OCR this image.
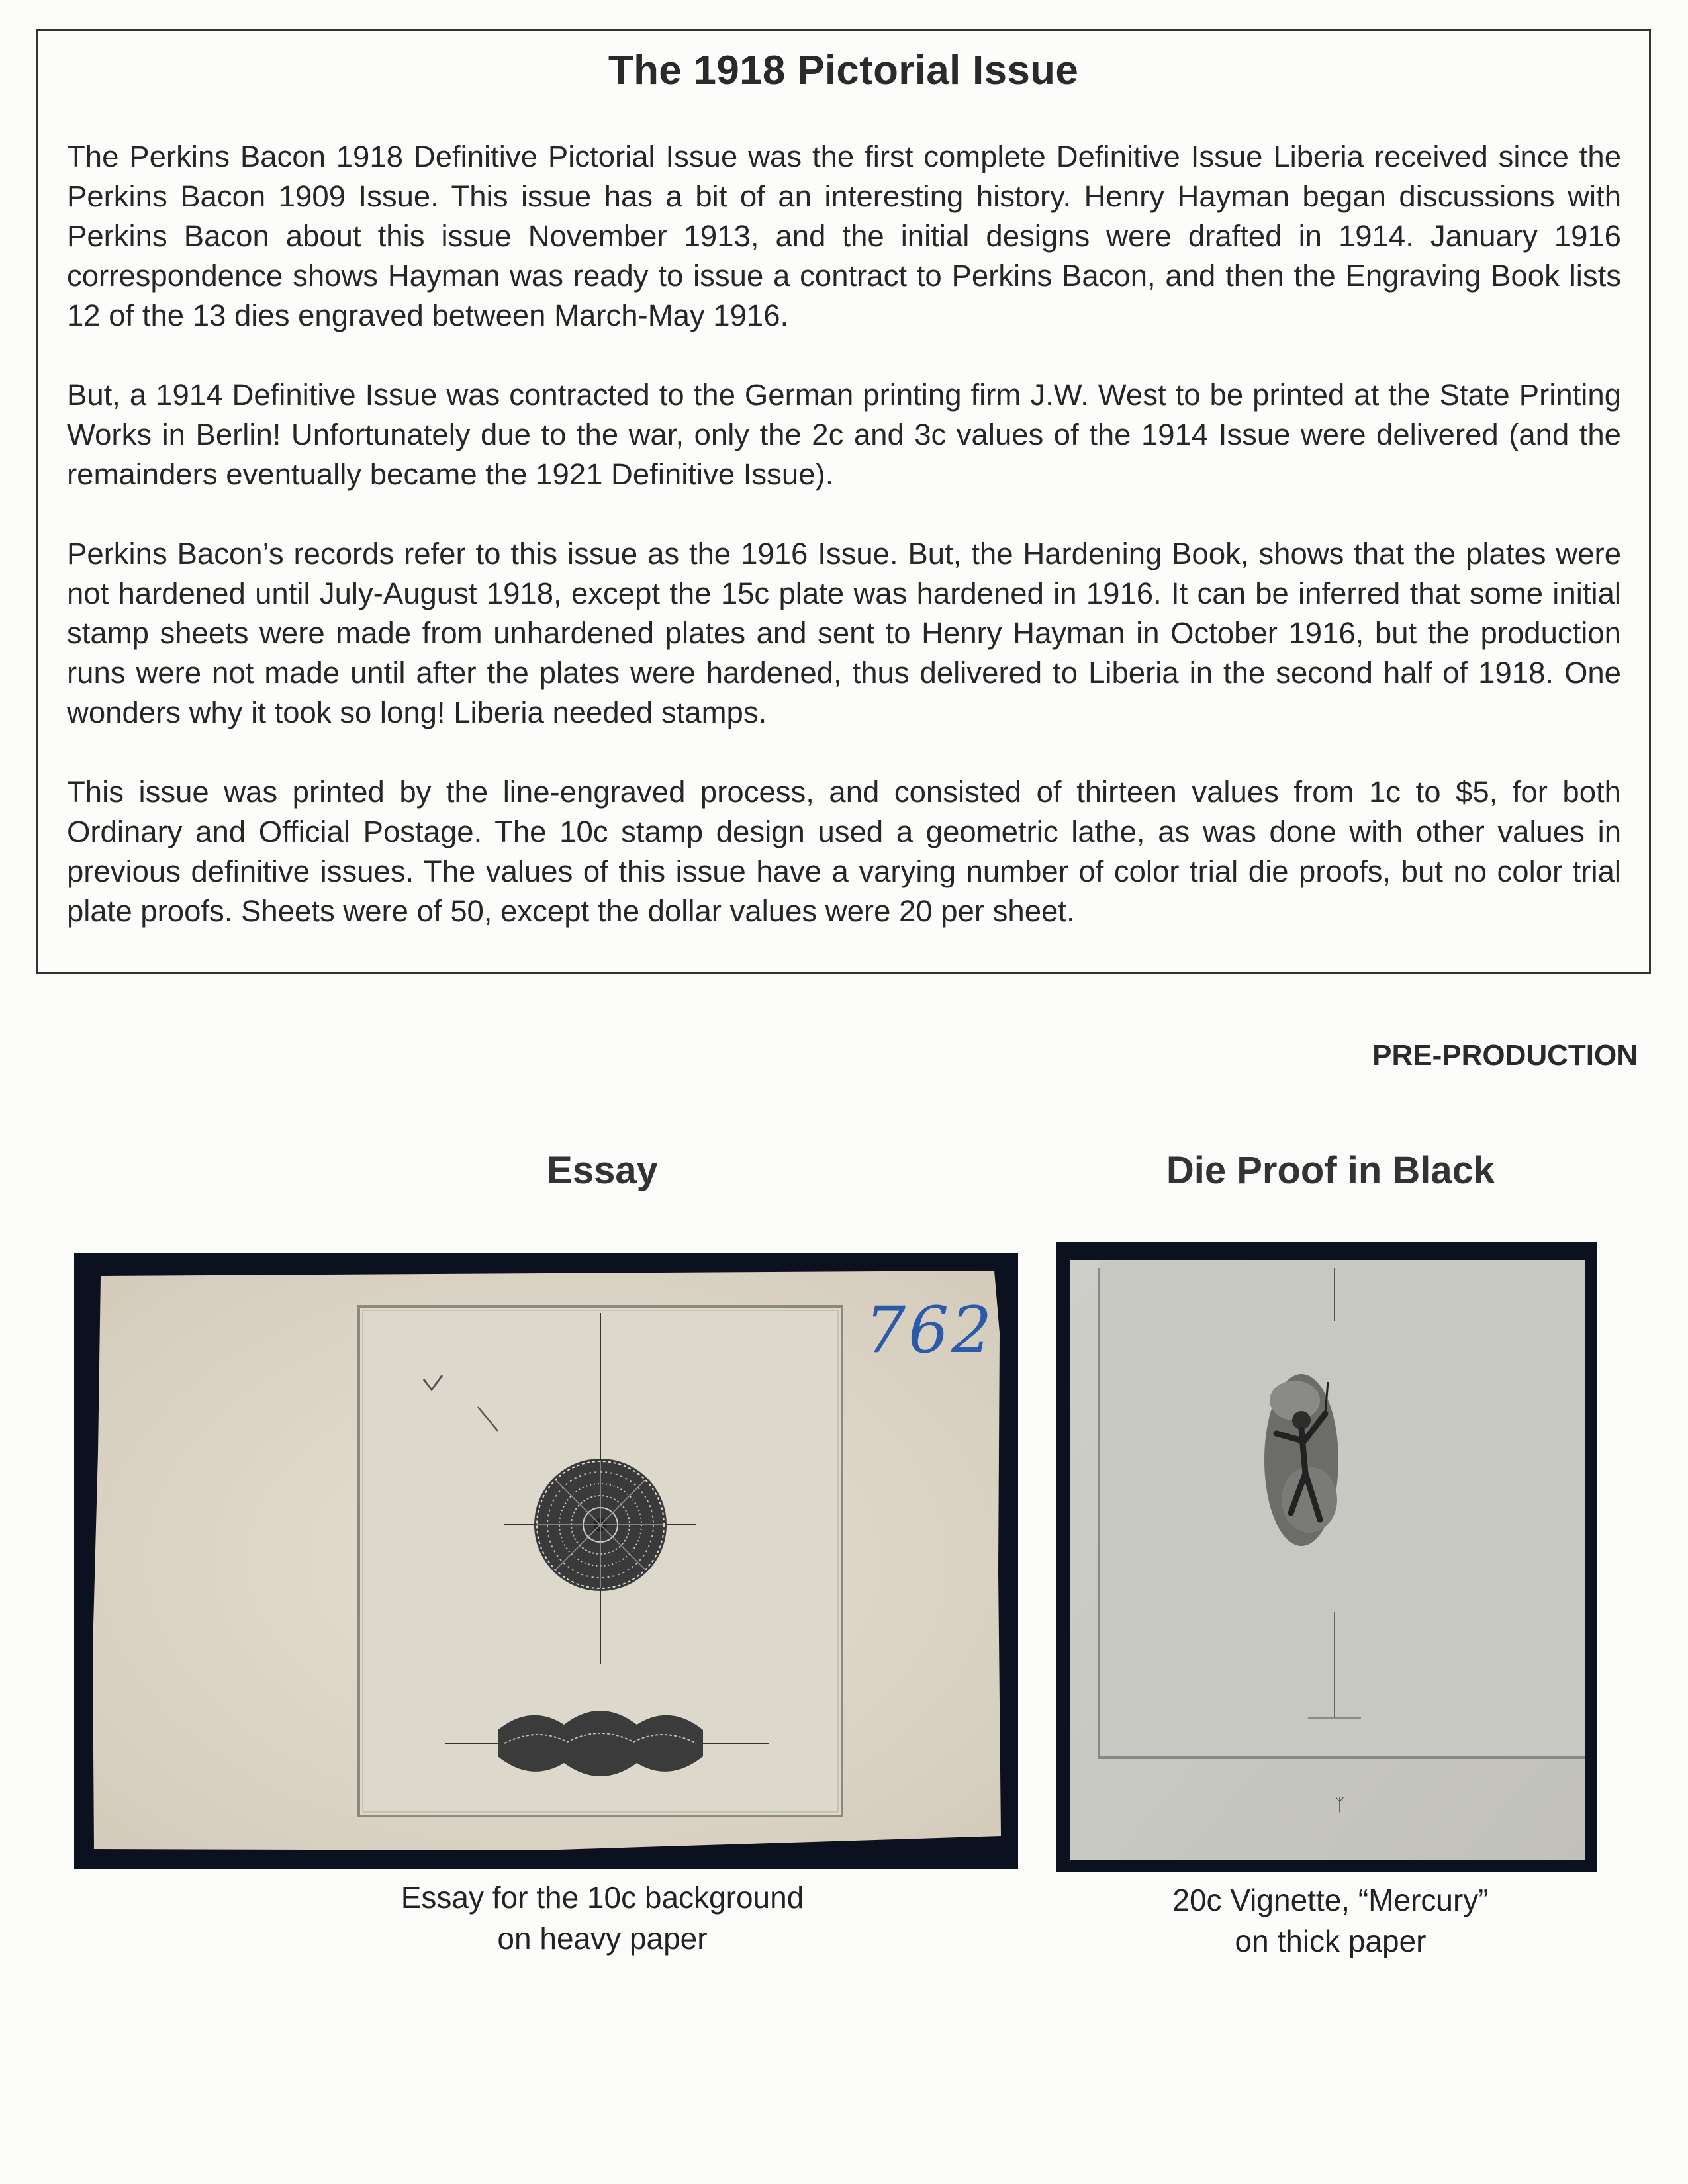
The 1918 Pictorial Issue

The Perkins Bacon 1918 Definitive Pictorial Issue was the first complete Definitive Issue Liberia received since the Perkins Bacon 1909 Issue. This issue has a bit of an interesting history. Henry Hayman began discussions with Perkins Bacon about this issue November 1913, and the initial designs were drafted in 1914. January 1916 correspondence shows Hayman was ready to issue a contract to Perkins Bacon, and then the Engraving Book lists 12 of the 13 dies engraved between March-May 1916.

But, a 1914 Definitive Issue was contracted to the German printing firm J.W. West to be printed at the State Printing Works in Berlin! Unfortunately due to the war, only the 2c and 3c values of the 1914 Issue were delivered (and the remainders eventually became the 1921 Definitive Issue).

Perkins Bacon’s records refer to this issue as the 1916 Issue. But, the Hardening Book, shows that the plates were not hardened until July-August 1918, except the 15c plate was hardened in 1916. It can be inferred that some initial stamp sheets were made from unhardened plates and sent to Henry Hayman in October 1916, but the production runs were not made until after the plates were hardened, thus delivered to Liberia in the second half of 1918. One wonders why it took so long! Liberia needed stamps.

This issue was printed by the line-engraved process, and consisted of thirteen values from 1c to $5, for both Ordinary and Official Postage. The 10c stamp design used a geometric lathe, as was done with other values in previous definitive issues. The values of this issue have a varying number of color trial die proofs, but no color trial plate proofs. Sheets were of 50, except the dollar values were 20 per sheet.

PRE-PRODUCTION
Essay
762
Essay for the 10c background
on heavy paper
Die Proof in Black
ᛉ
20c Vignette, “Mercury”
on thick paper
